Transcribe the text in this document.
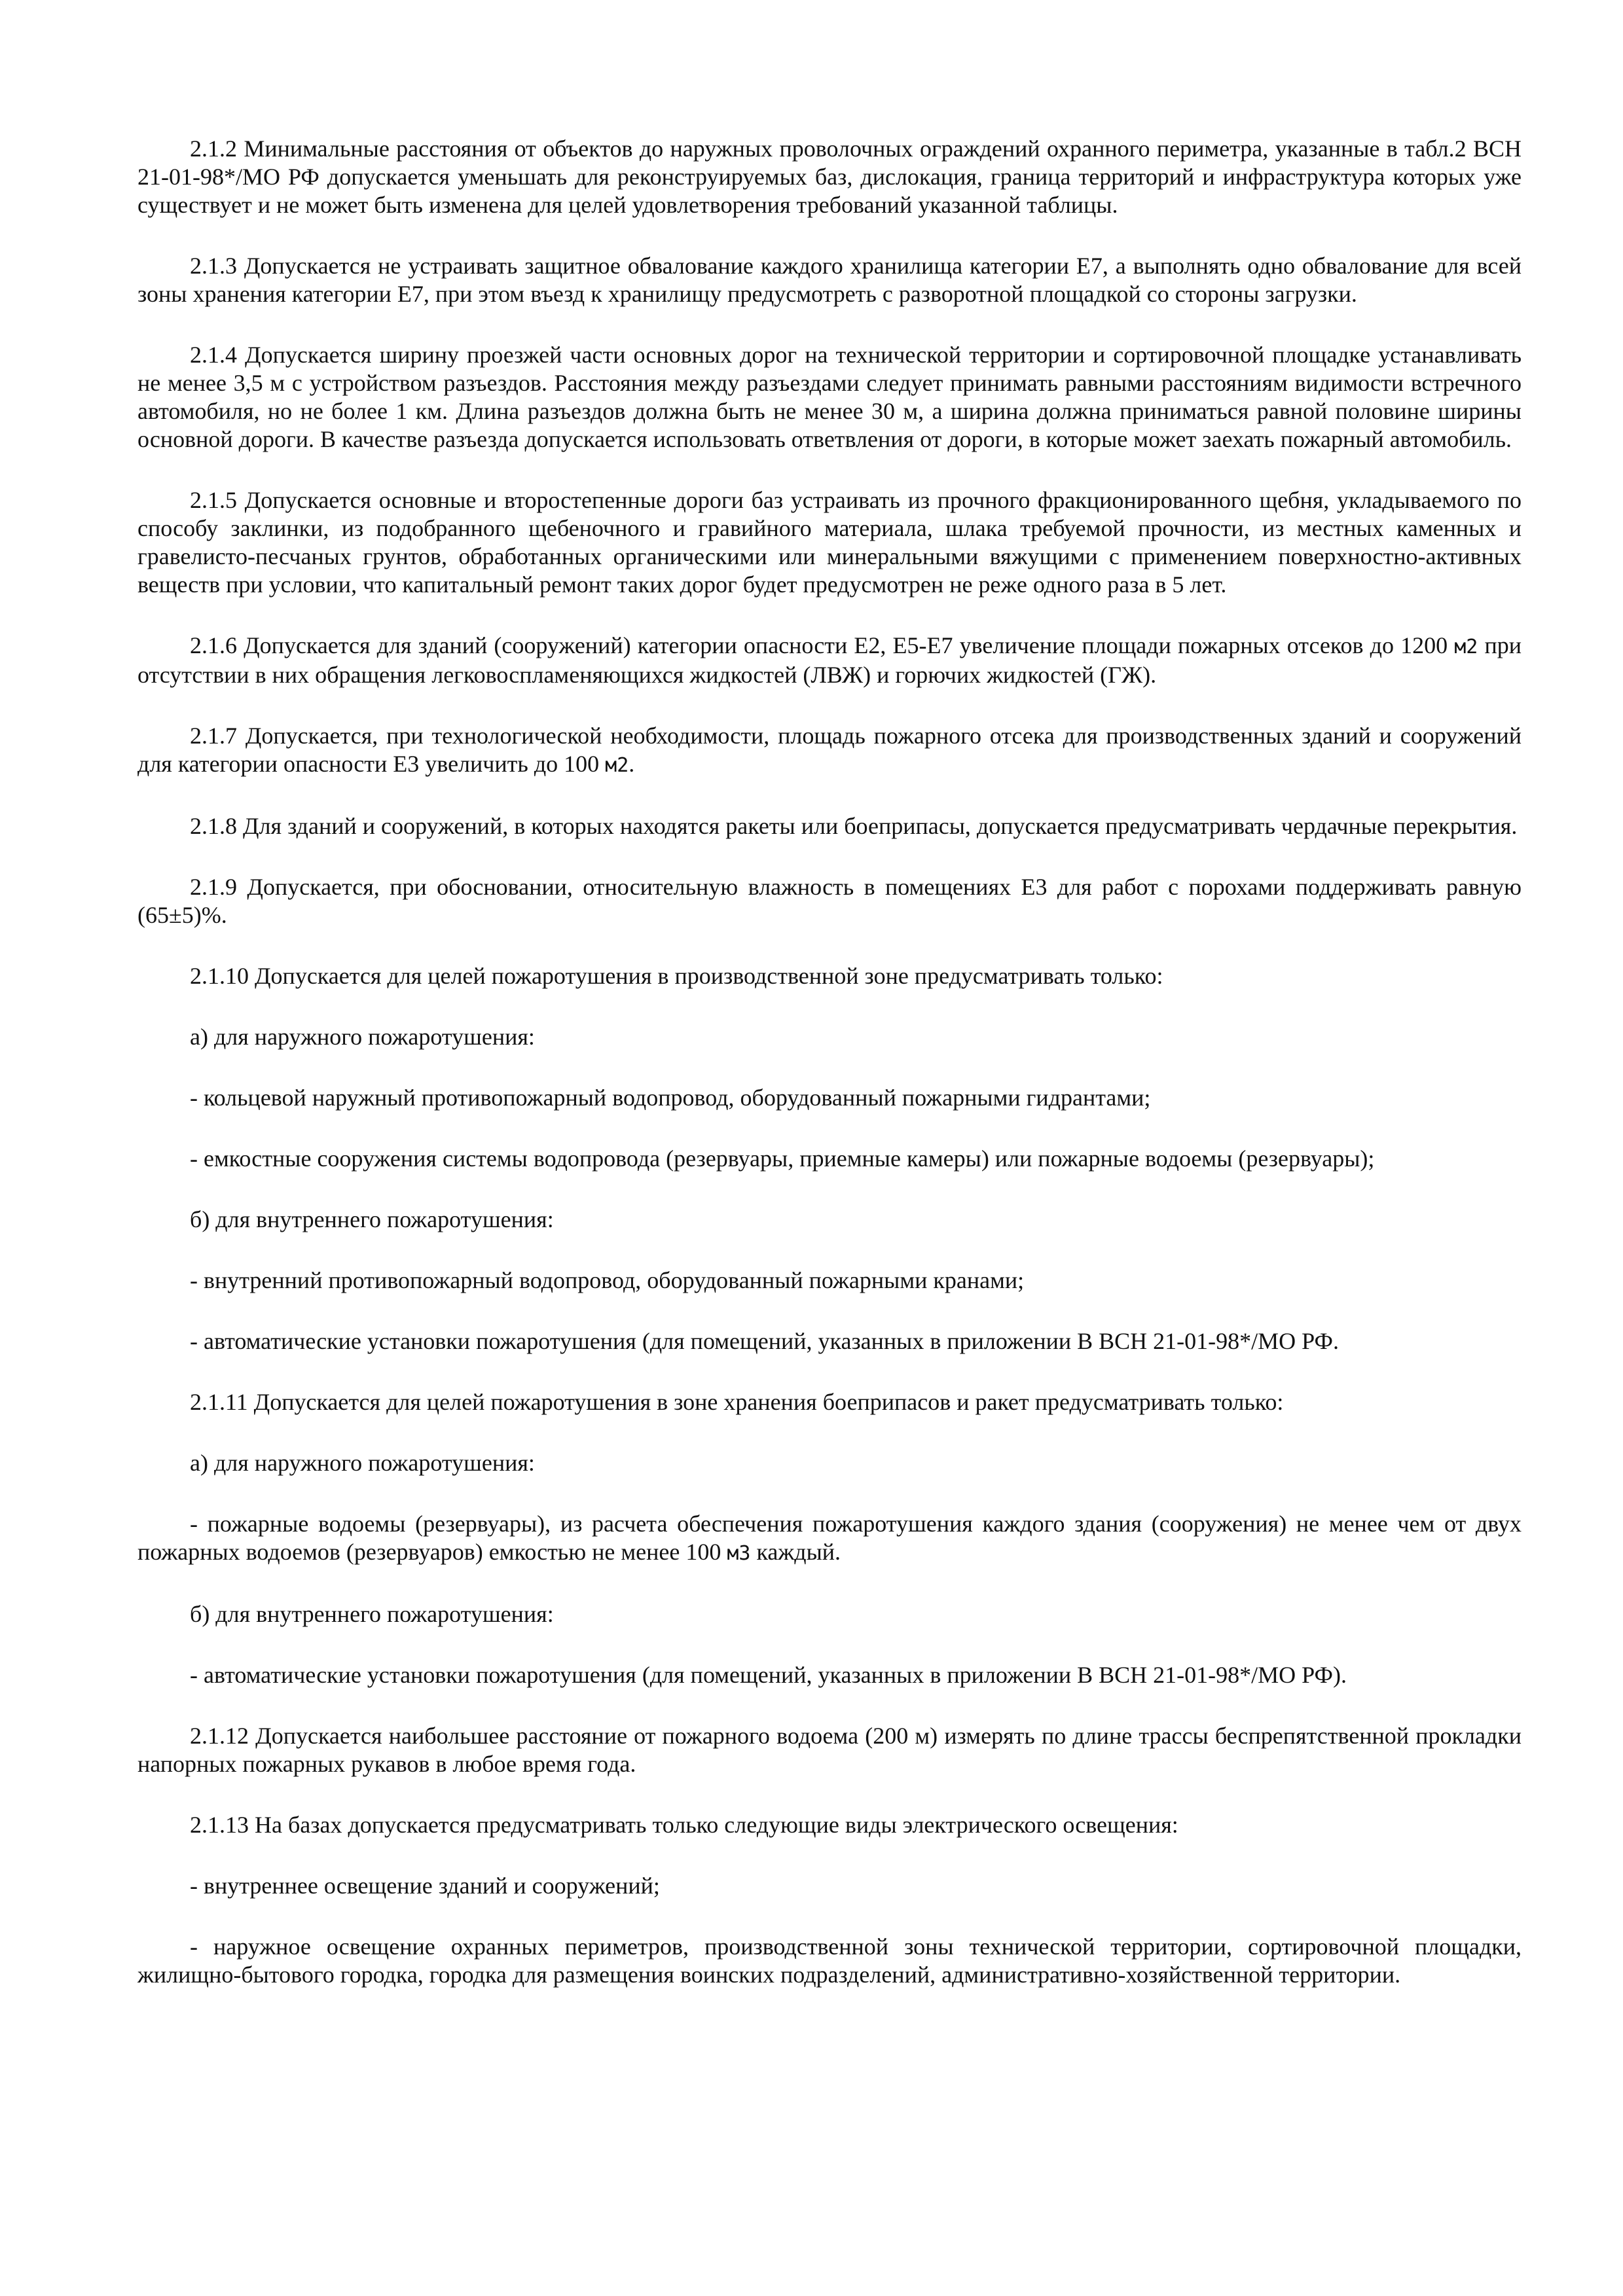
2.1.2 Минимальные расстояния от объектов до наружных проволочных ограждений охранного периметра, указанные в табл.2 ВСН 21-01-98*/МО РФ допускается уменьшать для реконструируемых баз, дислокация, граница территорий и инфраструктура которых уже существует и не может быть изменена для целей удовлетворения требований указанной таблицы.

2.1.3 Допускается не устраивать защитное обвалование каждого хранилища категории Е7, а выполнять одно обвалование для всей зоны хранения категории Е7, при этом въезд к хранилищу предусмотреть с разворотной площадкой со стороны загрузки.

2.1.4 Допускается ширину проезжей части основных дорог на технической территории и сортировочной площадке устанавливать не менее 3,5 м с устройством разъездов. Расстояния между разъездами следует принимать равными расстояниям видимости встречного автомобиля, но не более 1 км. Длина разъездов должна быть не менее 30 м, а ширина должна приниматься равной половине ширины основной дороги. В качестве разъезда допускается использовать ответвления от дороги, в которые может заехать пожарный автомобиль.

2.1.5 Допускается основные и второстепенные дороги баз устраивать из прочного фракционированного щебня, укладываемого по способу заклинки, из подобранного щебеночного и гравийного материала, шлака требуемой прочности, из местных каменных и гравелисто-песчаных грунтов, обработанных органическими или минеральными вяжущими с применением поверхностно-активных веществ при условии, что капитальный ремонт таких дорог будет предусмотрен не реже одного раза в 5 лет.

2.1.6 Допускается для зданий (сооружений) категории опасности Е2, Е5-Е7 увеличение площади пожарных отсеков до 1200 м2 при отсутствии в них обращения легковоспламеняющихся жидкостей (ЛВЖ) и горючих жидкостей (ГЖ).

2.1.7 Допускается, при технологической необходимости, площадь пожарного отсека для производственных зданий и сооружений для категории опасности Е3 увеличить до 100 м2.

2.1.8 Для зданий и сооружений, в которых находятся ракеты или боеприпасы, допускается предусматривать чердачные перекрытия.

2.1.9 Допускается, при обосновании, относительную влажность в помещениях Е3 для работ с порохами поддерживать равную (65±5)%.

2.1.10 Допускается для целей пожаротушения в производственной зоне предусматривать только:

а) для наружного пожаротушения:

- кольцевой наружный противопожарный водопровод, оборудованный пожарными гидрантами;

- емкостные сооружения системы водопровода (резервуары, приемные камеры) или пожарные водоемы (резервуары);

б) для внутреннего пожаротушения:

- внутренний противопожарный водопровод, оборудованный пожарными кранами;

- автоматические установки пожаротушения (для помещений, указанных в приложении В ВСН 21-01-98*/МО РФ.

2.1.11 Допускается для целей пожаротушения в зоне хранения боеприпасов и ракет предусматривать только:

а) для наружного пожаротушения:

- пожарные водоемы (резервуары), из расчета обеспечения пожаротушения каждого здания (сооружения) не менее чем от двух пожарных водоемов (резервуаров) емкостью не менее 100 м3 каждый.

б) для внутреннего пожаротушения:

- автоматические установки пожаротушения (для помещений, указанных в приложении В ВСН 21-01-98*/МО РФ).

2.1.12 Допускается наибольшее расстояние от пожарного водоема (200 м) измерять по длине трассы беспрепятственной прокладки напорных пожарных рукавов в любое время года.

2.1.13 На базах допускается предусматривать только следующие виды электрического освещения:

- внутреннее освещение зданий и сооружений;

- наружное освещение охранных периметров, производственной зоны технической территории, сортировочной площадки, жилищно-бытового городка, городка для размещения воинских подразделений, административно-хозяйственной территории.
